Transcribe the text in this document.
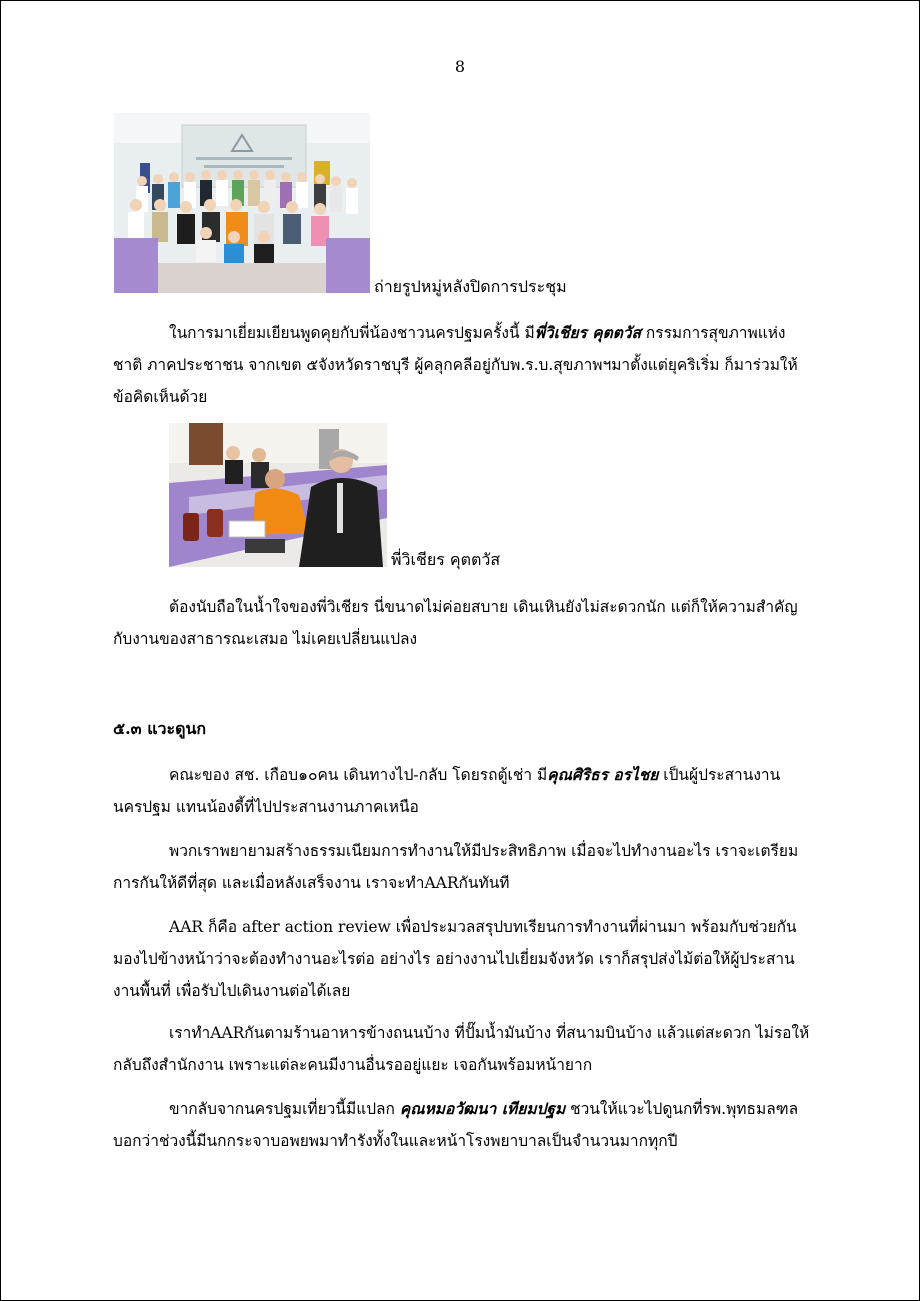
8
ถ่ายรูปหมู่หลังปิดการประชุม

ในการมาเยี่ยมเยียนพูดคุยกับพี่น้องชาวนครปฐมครั้งนี้ มีพี่วิเชียร คุตตวัส กรรมการสุขภาพแห่งชาติ ภาคประชาชน จากเขต ๕จังหวัดราชบุรี ผู้คลุกคลีอยู่กับพ.ร.บ.สุขภาพฯมาตั้งแต่ยุคริเริ่ม ก็มาร่วมให้ข้อคิดเห็นด้วย

พี่วิเชียร คุตตวัส

ต้องนับถือในน้ำใจของพี่วิเชียร นี่ขนาดไม่ค่อยสบาย เดินเหินยังไม่สะดวกนัก แต่ก็ให้ความสำคัญกับงานของสาธารณะเสมอ ไม่เคยเปลี่ยนแปลง

๕.๓ แวะดูนก

คณะของ สช. เกือบ๑๐คน เดินทางไป-กลับ โดยรถตู้เช่า มีคุณศิริธร อรไชย เป็นผู้ประสานงานนครปฐม แทนน้องดี้ที่ไปประสานงานภาคเหนือ

พวกเราพยายามสร้างธรรมเนียมการทำงานให้มีประสิทธิภาพ เมื่อจะไปทำงานอะไร เราจะเตรียมการกันให้ดีที่สุด และเมื่อหลังเสร็จงาน เราจะทำAARกันทันที

AAR ก็คือ after action review เพื่อประมวลสรุปบทเรียนการทำงานที่ผ่านมา พร้อมกับช่วยกันมองไปข้างหน้าว่าจะต้องทำงานอะไรต่อ อย่างไร อย่างงานไปเยี่ยมจังหวัด เราก็สรุปส่งไม้ต่อให้ผู้ประสานงานพื้นที่ เพื่อรับไปเดินงานต่อได้เลย

เราทำAARกันตามร้านอาหารข้างถนนบ้าง ที่ปั๊มน้ำมันบ้าง ที่สนามบินบ้าง แล้วแต่สะดวก ไม่รอให้กลับถึงสำนักงาน เพราะแต่ละคนมีงานอื่นรออยู่แยะ เจอกันพร้อมหน้ายาก

ขากลับจากนครปฐมเที่ยวนี้มีแปลก คุณหมอวัฒนา เทียมปฐม ชวนให้แวะไปดูนกที่รพ.พุทธมลฑล บอกว่าช่วงนี้มีนกกระจาบอพยพมาทำรังทั้งในและหน้าโรงพยาบาลเป็นจำนวนมากทุกปี
